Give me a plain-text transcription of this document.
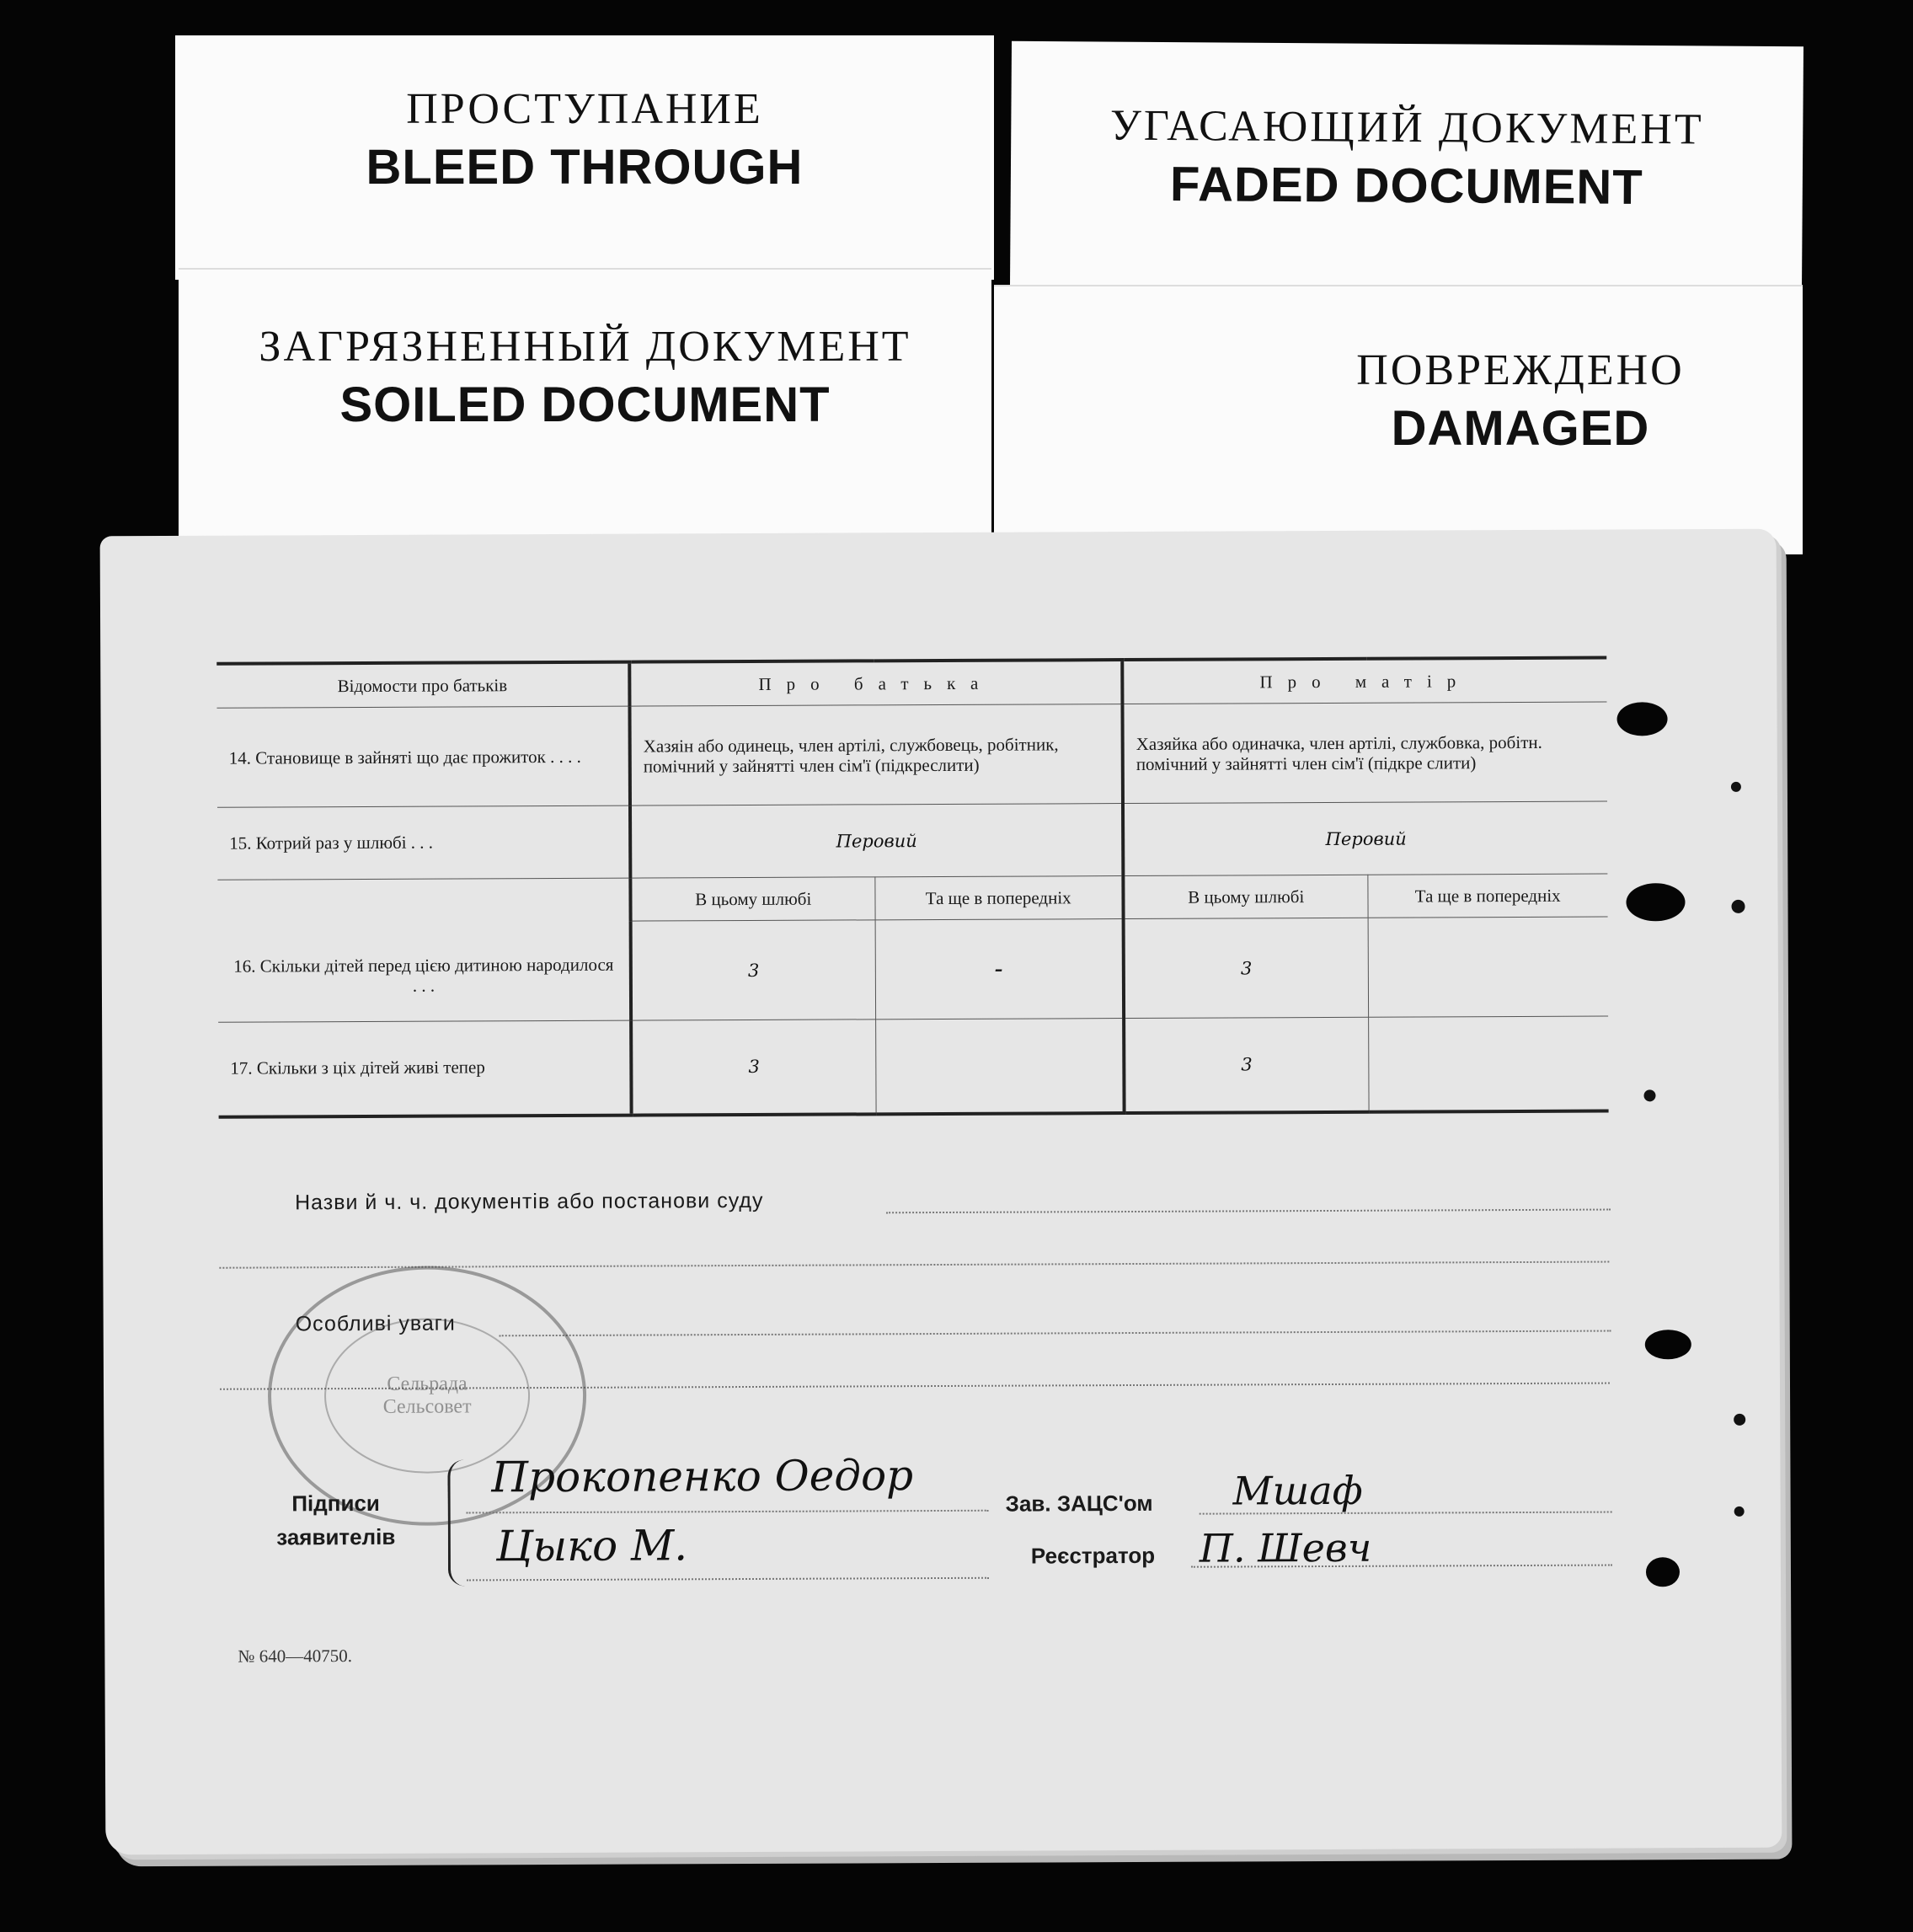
ПРОСТУПАНИЕ
BLEED THROUGH
УГАСАЮЩИЙ ДОКУМЕНТ
FADED DOCUMENT
ЗАГРЯЗНЕННЫЙ ДОКУМЕНТ
SOILED DOCUMENT
ПОВРЕЖДЕНО
DAMAGED
Відомости про батьків	Про батька		Про матір	
14. Становище в зайняті що дає прожиток . . . .	Хазяін або одинець, член артілі, службовець, робітник, помічний у зайнятті член сім'ї (підкреслити)		Хазяйка або одиначка, член артілі, службовка, робітн. помічний у зайнятті член сім'ї (підкре слити)	
15. Котрий раз у шлюбі . . .	Перовий		Перовий	
16. Скільки дітей перед цією дитиною народилося . . .	В цьому шлюбі	Та ще в попередніх	В цьому шлюбі	Та ще в попередніх
	3	-	3	
17. Скільки з ціх дітей живі тепер	3		3	
Назви й ч. ч. документів або постанови суду
Особливі уваги
Сельрада
Сельсовет
Підписи
заявителів
Прокопенко Оедор
Цыко М.
Зав. ЗАЦС'ом Мшаф
Реєстратор П. Шевч
№ 640—40750.
